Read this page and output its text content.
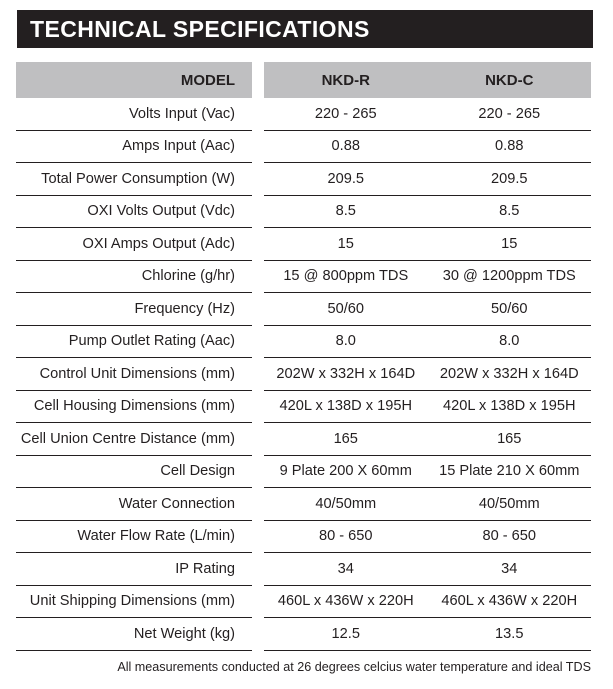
TECHNICAL SPECIFICATIONS
MODEL	NKD-R	NKD-C
Volts Input (Vac)	220 - 265	220 - 265
Amps Input (Aac)	0.88	0.88
Total Power Consumption (W)	209.5	209.5
OXI Volts Output (Vdc)	8.5	8.5
OXI Amps Output (Adc)	15	15
Chlorine (g/hr)	15 @ 800ppm TDS	30 @ 1200ppm TDS
Frequency (Hz)	50/60	50/60
Pump Outlet Rating (Aac)	8.0	8.0
Control Unit Dimensions (mm)	202W x 332H x 164D	202W x 332H x 164D
Cell Housing Dimensions (mm)	420L x 138D x 195H	420L x 138D x 195H
Cell Union Centre Distance (mm)	165	165
Cell Design	9 Plate 200 X 60mm	15 Plate 210 X 60mm
Water Connection	40/50mm	40/50mm
Water Flow Rate (L/min)	80 - 650	80 - 650
IP Rating	34	34
Unit Shipping Dimensions (mm)	460L x 436W x 220H	460L x 436W x 220H
Net Weight (kg)	12.5	13.5
All measurements conducted at 26 degrees celcius water temperature and ideal TDS
